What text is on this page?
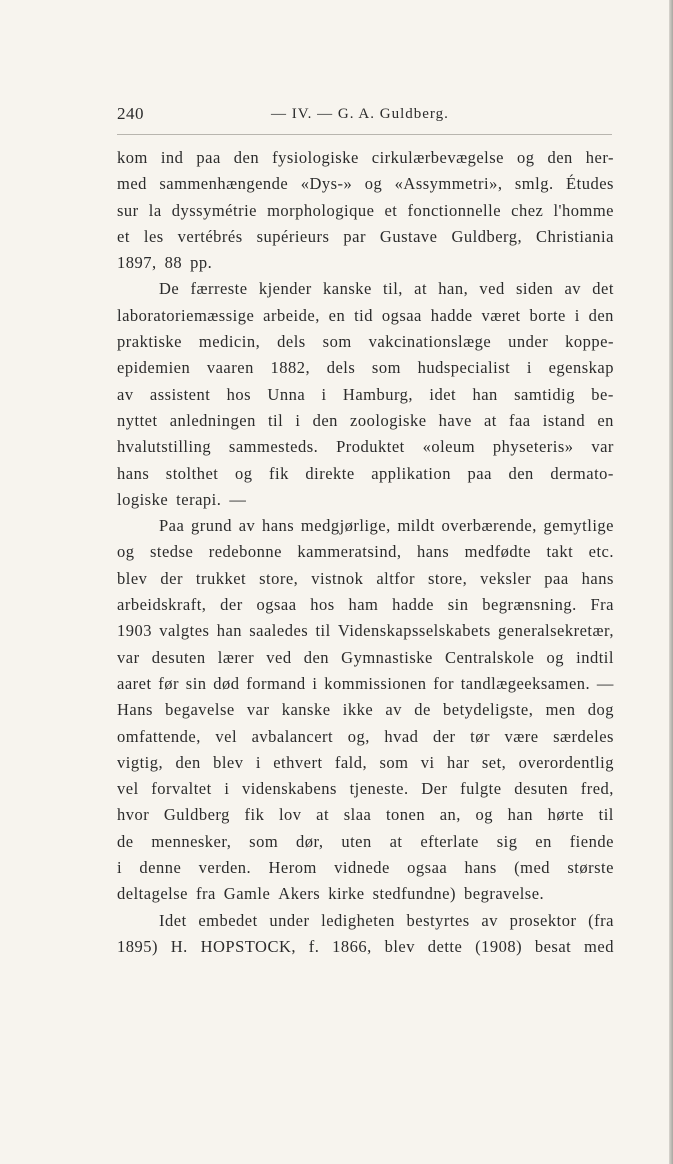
240	— IV. — G. A. Guldberg.
kom ind paa den fysiologiske cirkulærbevægelse og den her-
med sammenhængende «Dys-» og «Assymmetri», smlg. Études
sur la dyssymétrie morphologique et fonctionnelle chez l'homme
et les vertébrés supérieurs par Gustave Guldberg, Christiania
1897, 88 pp.
De færreste kjender kanske til, at han, ved siden av det
laboratoriemæssige arbeide, en tid ogsaa hadde været borte i den
praktiske medicin, dels som vakcinationslæge under koppe-
epidemien vaaren 1882, dels som hudspecialist i egenskap
av assistent hos Unna i Hamburg, idet han samtidig be-
nyttet anledningen til i den zoologiske have at faa istand en
hvalutstilling sammesteds. Produktet «oleum physeteris» var
hans stolthet og fik direkte applikation paa den dermato-
logiske terapi. —
Paa grund av hans medgjørlige, mildt overbærende, gemytlige
og stedse redebonne kammeratsind, hans medfødte takt etc.
blev der trukket store, vistnok altfor store, veksler paa hans
arbeidskraft, der ogsaa hos ham hadde sin begrænsning. Fra
1903 valgtes han saaledes til Videnskapsselskabets generalsekretær,
var desuten lærer ved den Gymnastiske Centralskole og indtil
aaret før sin død formand i kommissionen for tandlægeeksamen. —
Hans begavelse var kanske ikke av de betydeligste, men dog
omfattende, vel avbalancert og, hvad der tør være særdeles
vigtig, den blev i ethvert fald, som vi har set, overordentlig
vel forvaltet i videnskabens tjeneste. Der fulgte desuten fred,
hvor Guldberg fik lov at slaa tonen an, og han hørte til
de mennesker, som dør, uten at efterlate sig en fiende
i denne verden. Herom vidnede ogsaa hans (med største
deltagelse fra Gamle Akers kirke stedfundne) begravelse.
Idet embedet under ledigheten bestyrtes av prosektor (fra
1895) H. HOPSTOCK, f. 1866, blev dette (1908) besat med
